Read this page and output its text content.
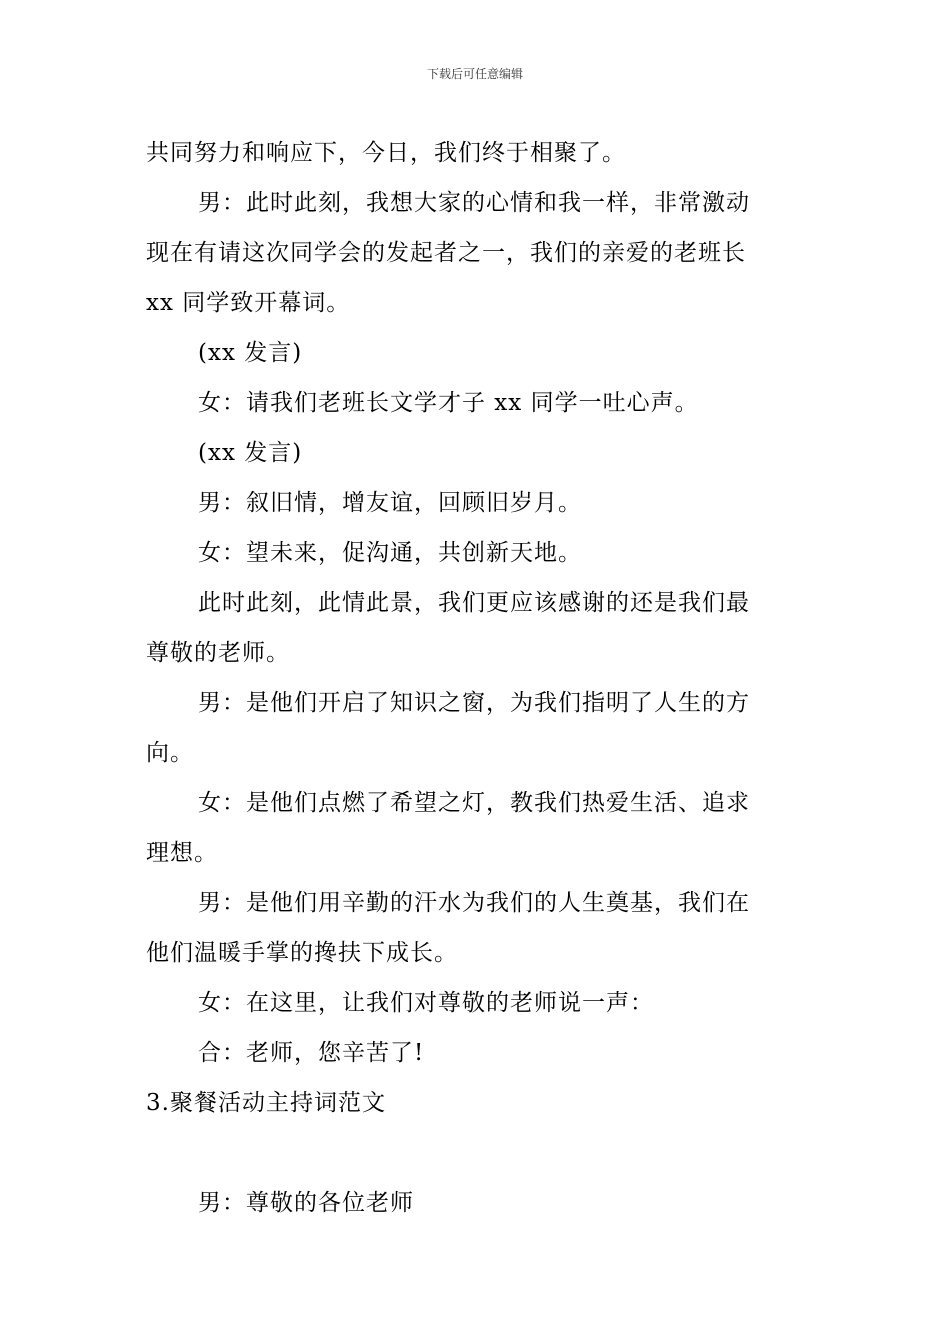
下载后可任意编辑
共同努力和响应下，今日，我们终于相聚了。
男：此时此刻，我想大家的心情和我一样，非常激动
现在有请这次同学会的发起者之一，我们的亲爱的老班长
xx 同学致开幕词。
(xx 发言)
女：请我们老班长文学才子 xx 同学一吐心声。
(xx 发言)
男：叙旧情，增友谊，回顾旧岁月。
女：望未来，促沟通，共创新天地。
此时此刻，此情此景，我们更应该感谢的还是我们最
尊敬的老师。
男：是他们开启了知识之窗，为我们指明了人生的方
向。
女：是他们点燃了希望之灯，教我们热爱生活、追求
理想。
男：是他们用辛勤的汗水为我们的人生奠基，我们在
他们温暖手掌的搀扶下成长。
女：在这里，让我们对尊敬的老师说一声：
合：老师，您辛苦了!
3.聚餐活动主持词范文
男：尊敬的各位老师
